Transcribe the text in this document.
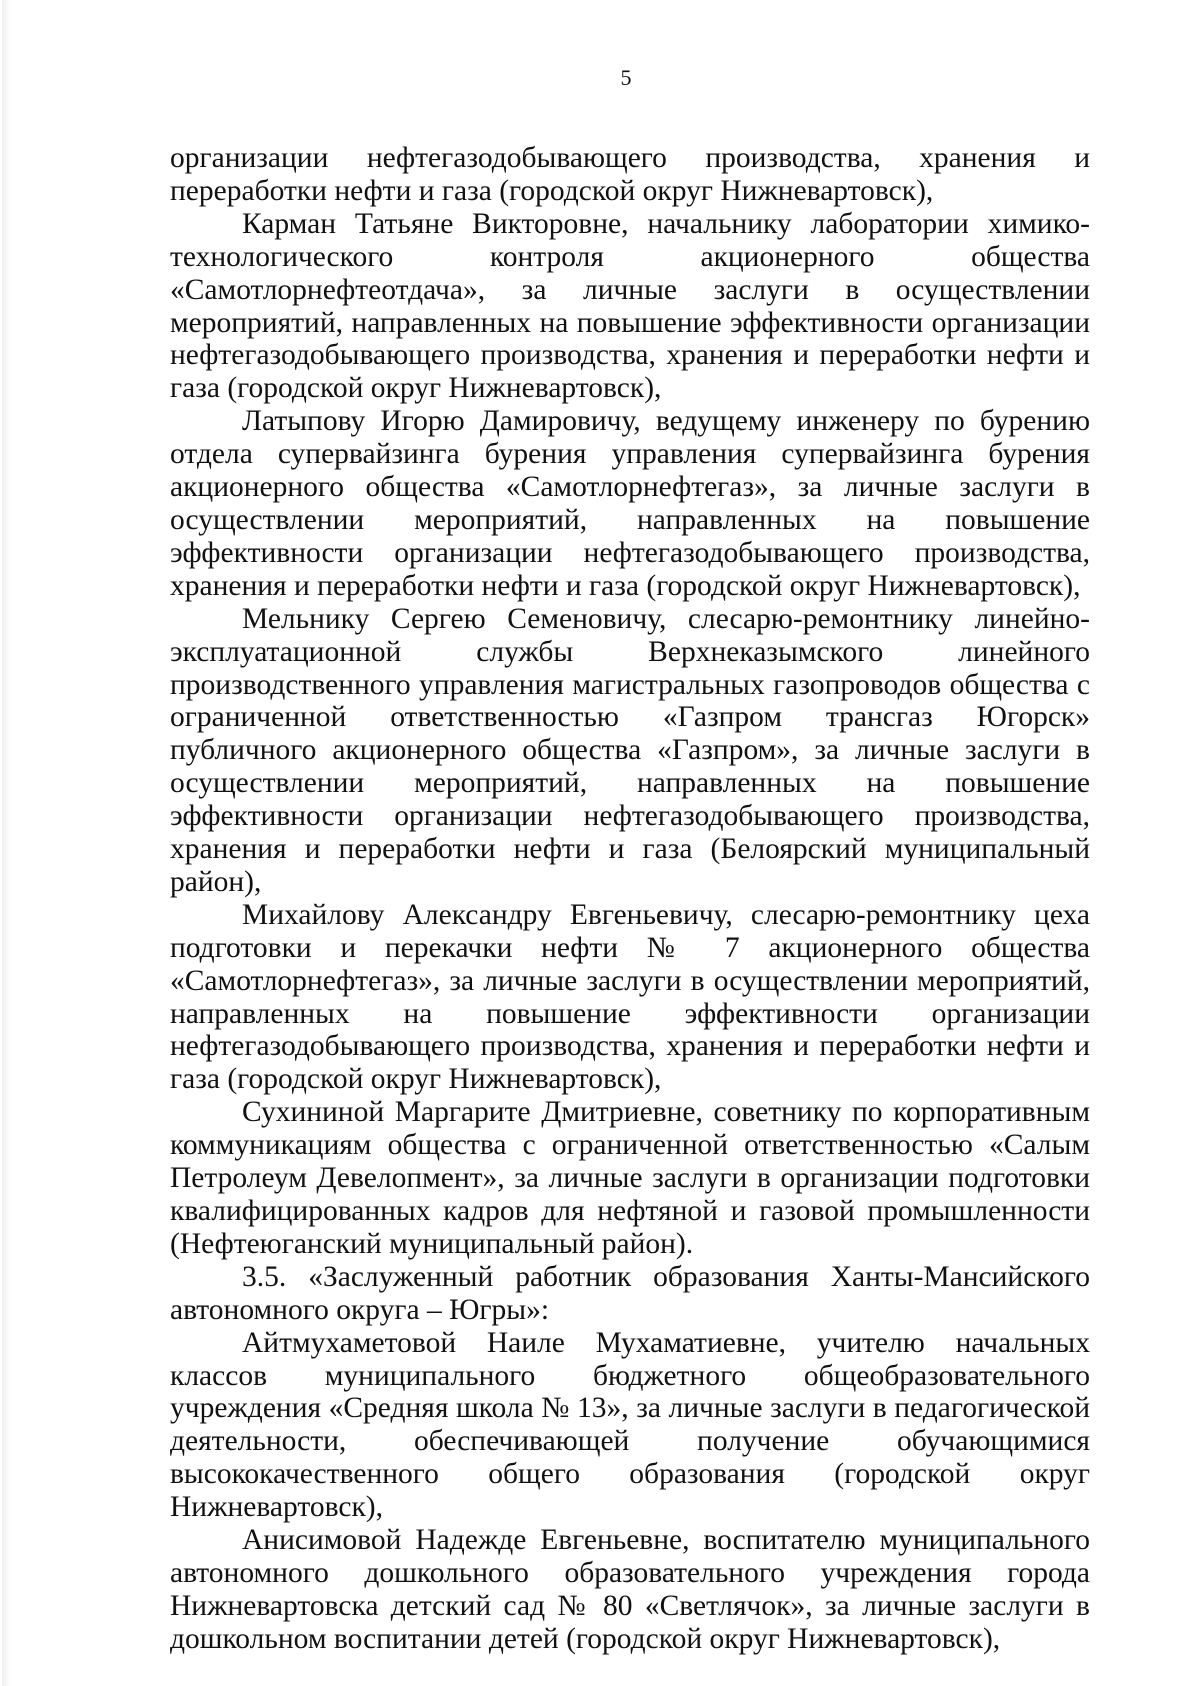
5

организации нефтегазодобывающего производства, хранения и переработки нефти и газа (городской округ Нижневартовск),

Карман Татьяне Викторовне, начальнику лаборатории химико-технологического контроля акционерного общества «Самотлорнефтеотдача», за личные заслуги в осуществлении мероприятий, направленных на повышение эффективности организации нефтегазодобывающего производства, хранения и переработки нефти и газа (городской округ Нижневартовск),

Латыпову Игорю Дамировичу, ведущему инженеру по бурению отдела супервайзинга бурения управления супервайзинга бурения акционерного общества «Самотлорнефтегаз», за личные заслуги в осуществлении мероприятий, направленных на повышение эффективности организации нефтегазодобывающего производства, хранения и переработки нефти и газа (городской округ Нижневартовск),

Мельнику Сергею Семеновичу, слесарю-ремонтнику линейно-эксплуатационной службы Верхнеказымского линейного производственного управления магистральных газопроводов общества с ограниченной ответственностью «Газпром трансгаз Югорск» публичного акционерного общества «Газпром», за личные заслуги в осуществлении мероприятий, направленных на повышение эффективности организации нефтегазодобывающего производства, хранения и переработки нефти и газа (Белоярский муниципальный район),

Михайлову Александру Евгеньевичу, слесарю-ремонтнику цеха подготовки и перекачки нефти № 7 акционерного общества «Самотлорнефтегаз», за личные заслуги в осуществлении мероприятий, направленных на повышение эффективности организации нефтегазодобывающего производства, хранения и переработки нефти и газа (городской округ Нижневартовск),

Сухининой Маргарите Дмитриевне, советнику по корпоративным коммуникациям общества с ограниченной ответственностью «Салым Петролеум Девелопмент», за личные заслуги в организации подготовки квалифицированных кадров для нефтяной и газовой промышленности (Нефтеюганский муниципальный район).

3.5. «Заслуженный работник образования Ханты-Мансийского автономного округа – Югры»:

Айтмухаметовой Наиле Мухаматиевне, учителю начальных классов муниципального бюджетного общеобразовательного учреждения «Средняя школа № 13», за личные заслуги в педагогической деятельности, обеспечивающей получение обучающимися высококачественного общего образования (городской округ Нижневартовск),

Анисимовой Надежде Евгеньевне, воспитателю муниципального автономного дошкольного образовательного учреждения города Нижневартовска детский сад № 80 «Светлячок», за личные заслуги в дошкольном воспитании детей (городской округ Нижневартовск),
